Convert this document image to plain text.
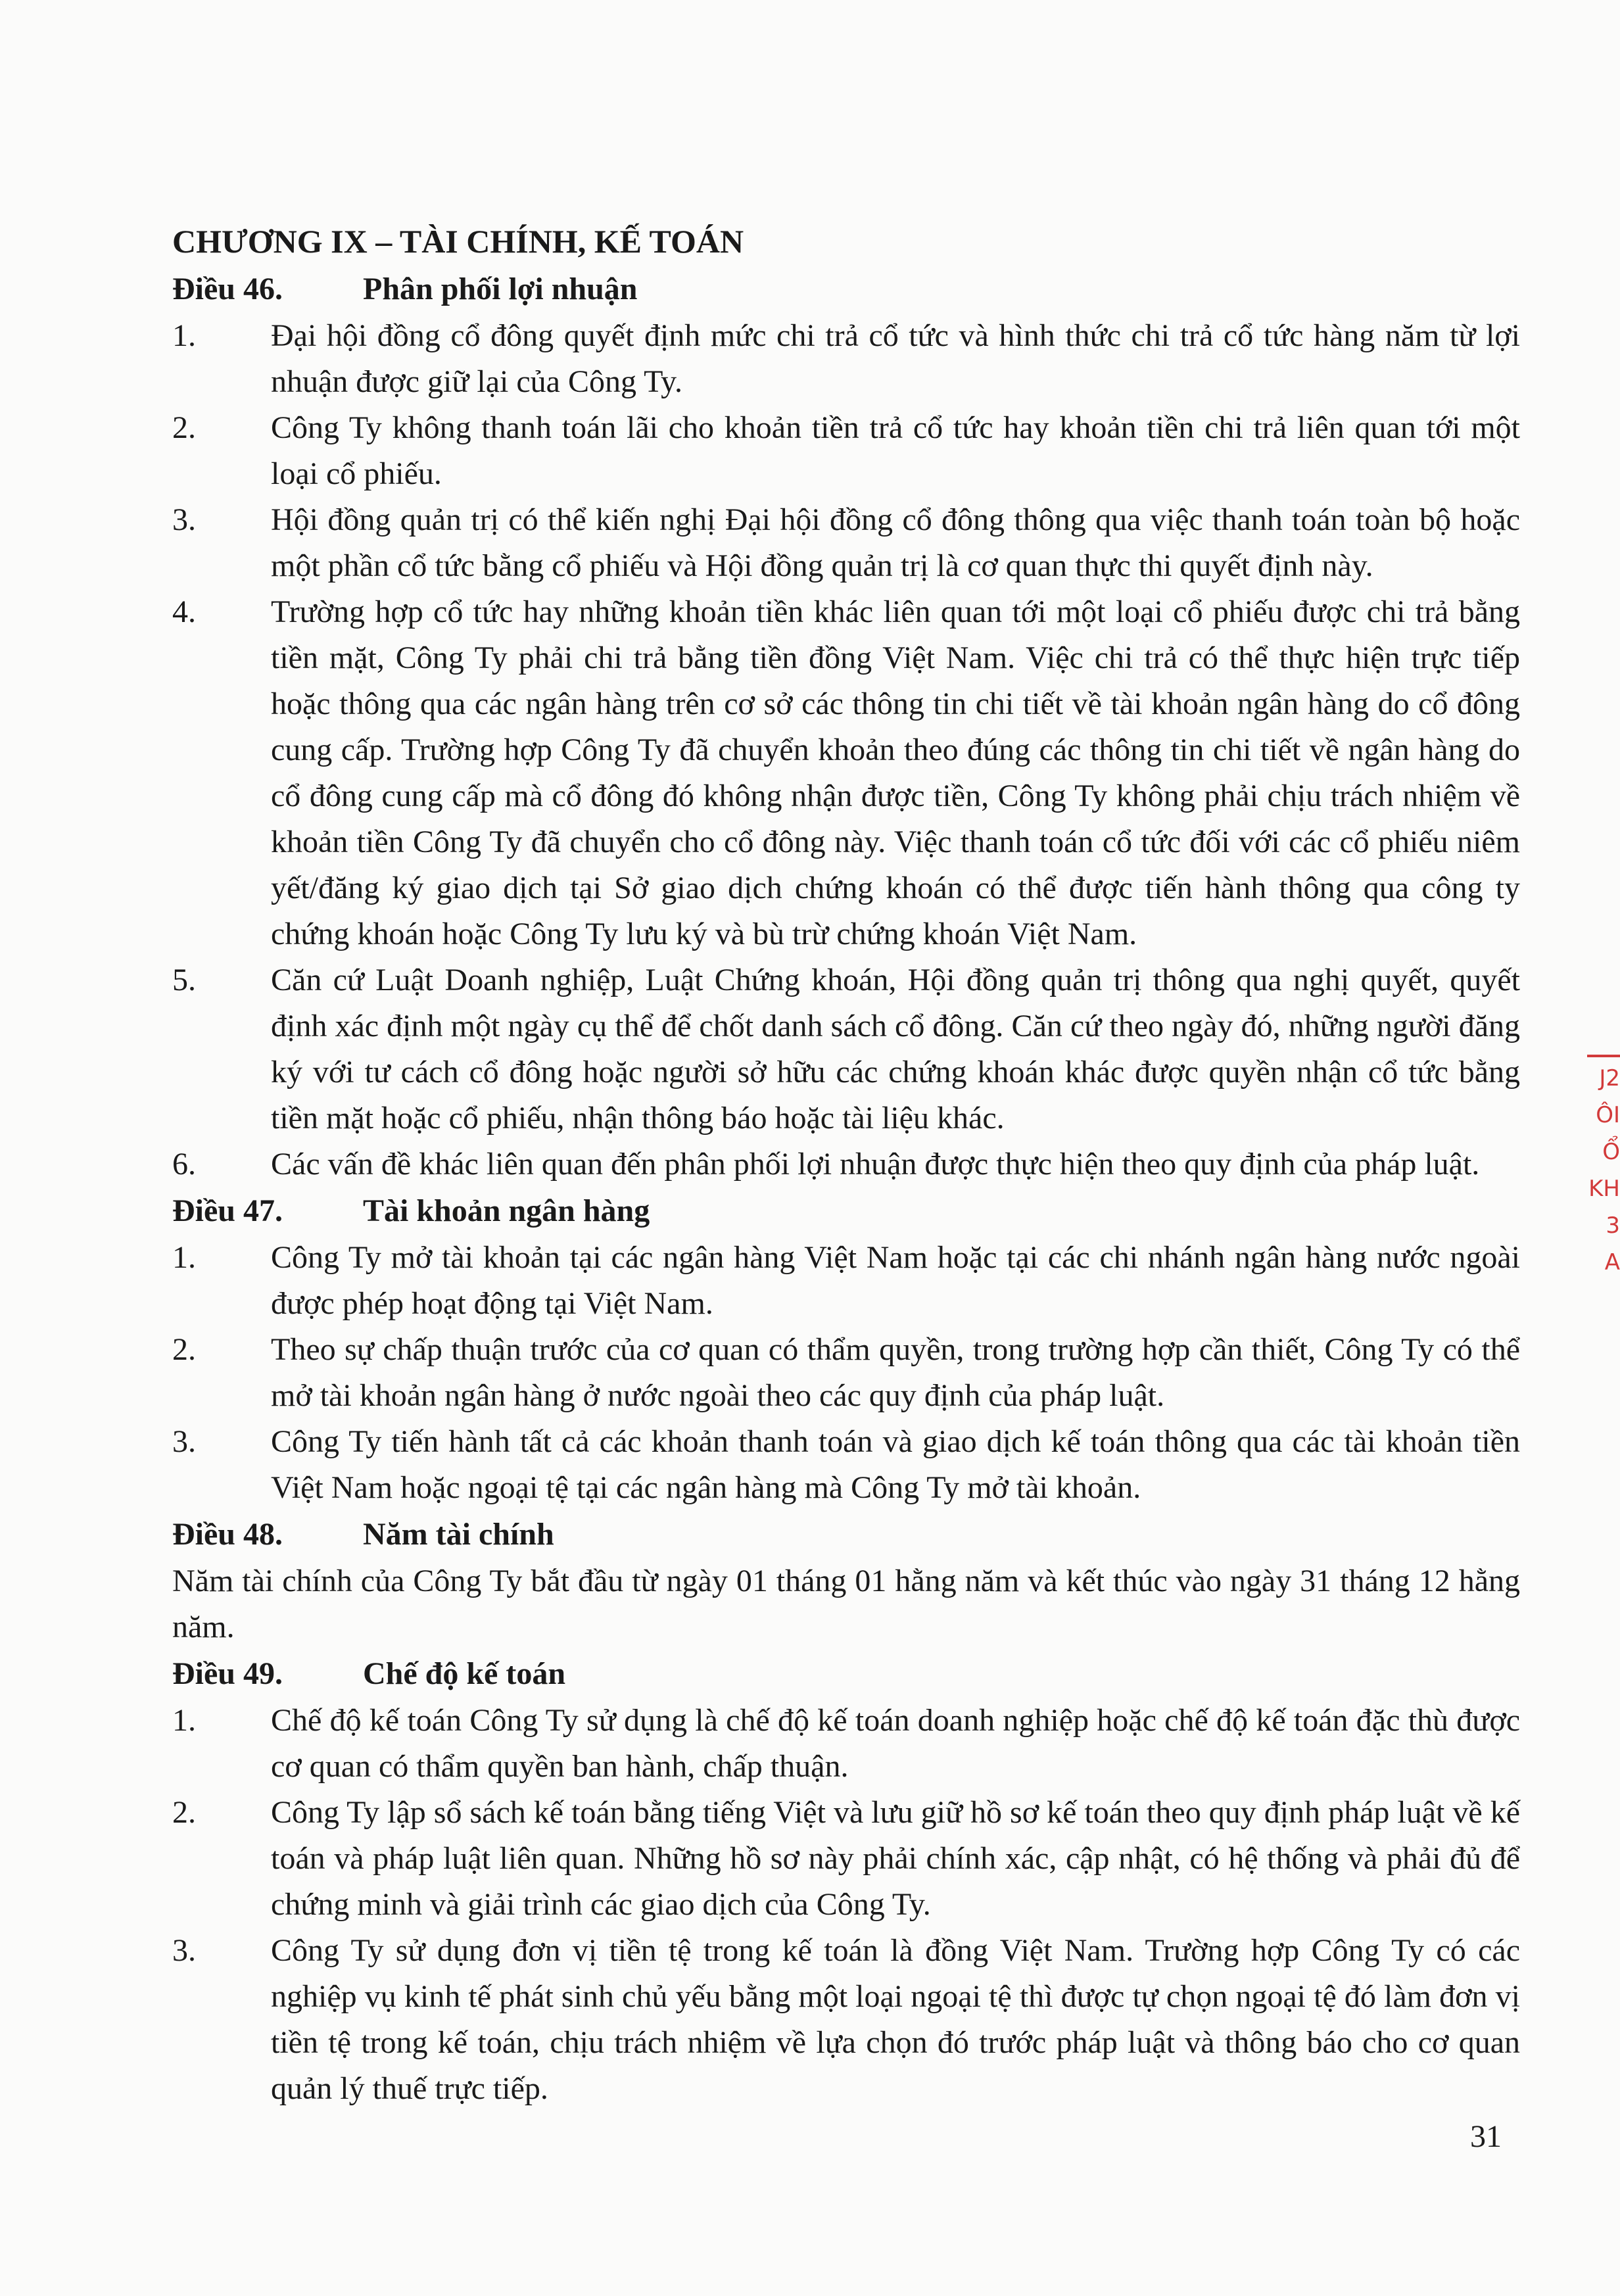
CHƯƠNG IX – TÀI CHÍNH, KẾ TOÁN

Điều 46.	Phân phối lợi nhuận

1.	Đại hội đồng cổ đông quyết định mức chi trả cổ tức và hình thức chi trả cổ tức hàng năm từ lợi nhuận được giữ lại của Công Ty.
2.	Công Ty không thanh toán lãi cho khoản tiền trả cổ tức hay khoản tiền chi trả liên quan tới một loại cổ phiếu.
3.	Hội đồng quản trị có thể kiến nghị Đại hội đồng cổ đông thông qua việc thanh toán toàn bộ hoặc một phần cổ tức bằng cổ phiếu và Hội đồng quản trị là cơ quan thực thi quyết định này.
4.	Trường hợp cổ tức hay những khoản tiền khác liên quan tới một loại cổ phiếu được chi trả bằng tiền mặt, Công Ty phải chi trả bằng tiền đồng Việt Nam. Việc chi trả có thể thực hiện trực tiếp hoặc thông qua các ngân hàng trên cơ sở các thông tin chi tiết về tài khoản ngân hàng do cổ đông cung cấp. Trường hợp Công Ty đã chuyển khoản theo đúng các thông tin chi tiết về ngân hàng do cổ đông cung cấp mà cổ đông đó không nhận được tiền, Công Ty không phải chịu trách nhiệm về khoản tiền Công Ty đã chuyển cho cổ đông này. Việc thanh toán cổ tức đối với các cổ phiếu niêm yết/đăng ký giao dịch tại Sở giao dịch chứng khoán có thể được tiến hành thông qua công ty chứng khoán hoặc Công Ty lưu ký và bù trừ chứng khoán Việt Nam.
5.	Căn cứ Luật Doanh nghiệp, Luật Chứng khoán, Hội đồng quản trị thông qua nghị quyết, quyết định xác định một ngày cụ thể để chốt danh sách cổ đông. Căn cứ theo ngày đó, những người đăng ký với tư cách cổ đông hoặc người sở hữu các chứng khoán khác được quyền nhận cổ tức bằng tiền mặt hoặc cổ phiếu, nhận thông báo hoặc tài liệu khác.
6.	Các vấn đề khác liên quan đến phân phối lợi nhuận được thực hiện theo quy định của pháp luật.

Điều 47.	Tài khoản ngân hàng

1.	Công Ty mở tài khoản tại các ngân hàng Việt Nam hoặc tại các chi nhánh ngân hàng nước ngoài được phép hoạt động tại Việt Nam.
2.	Theo sự chấp thuận trước của cơ quan có thẩm quyền, trong trường hợp cần thiết, Công Ty có thể mở tài khoản ngân hàng ở nước ngoài theo các quy định của pháp luật.
3.	Công Ty tiến hành tất cả các khoản thanh toán và giao dịch kế toán thông qua các tài khoản tiền Việt Nam hoặc ngoại tệ tại các ngân hàng mà Công Ty mở tài khoản.

Điều 48.	Năm tài chính

Năm tài chính của Công Ty bắt đầu từ ngày 01 tháng 01 hằng năm và kết thúc vào ngày 31 tháng 12 hằng năm.

Điều 49.	Chế độ kế toán

1.	Chế độ kế toán Công Ty sử dụng là chế độ kế toán doanh nghiệp hoặc chế độ kế toán đặc thù được cơ quan có thẩm quyền ban hành, chấp thuận.
2.	Công Ty lập sổ sách kế toán bằng tiếng Việt và lưu giữ hồ sơ kế toán theo quy định pháp luật về kế toán và pháp luật liên quan. Những hồ sơ này phải chính xác, cập nhật, có hệ thống và phải đủ để chứng minh và giải trình các giao dịch của Công Ty.
3.	Công Ty sử dụng đơn vị tiền tệ trong kế toán là đồng Việt Nam. Trường hợp Công Ty có các nghiệp vụ kinh tế phát sinh chủ yếu bằng một loại ngoại tệ thì được tự chọn ngoại tệ đó làm đơn vị tiền tệ trong kế toán, chịu trách nhiệm về lựa chọn đó trước pháp luật và thông báo cho cơ quan quản lý thuế trực tiếp.
J2
ÔI
Ổ
KH
3
A
31
